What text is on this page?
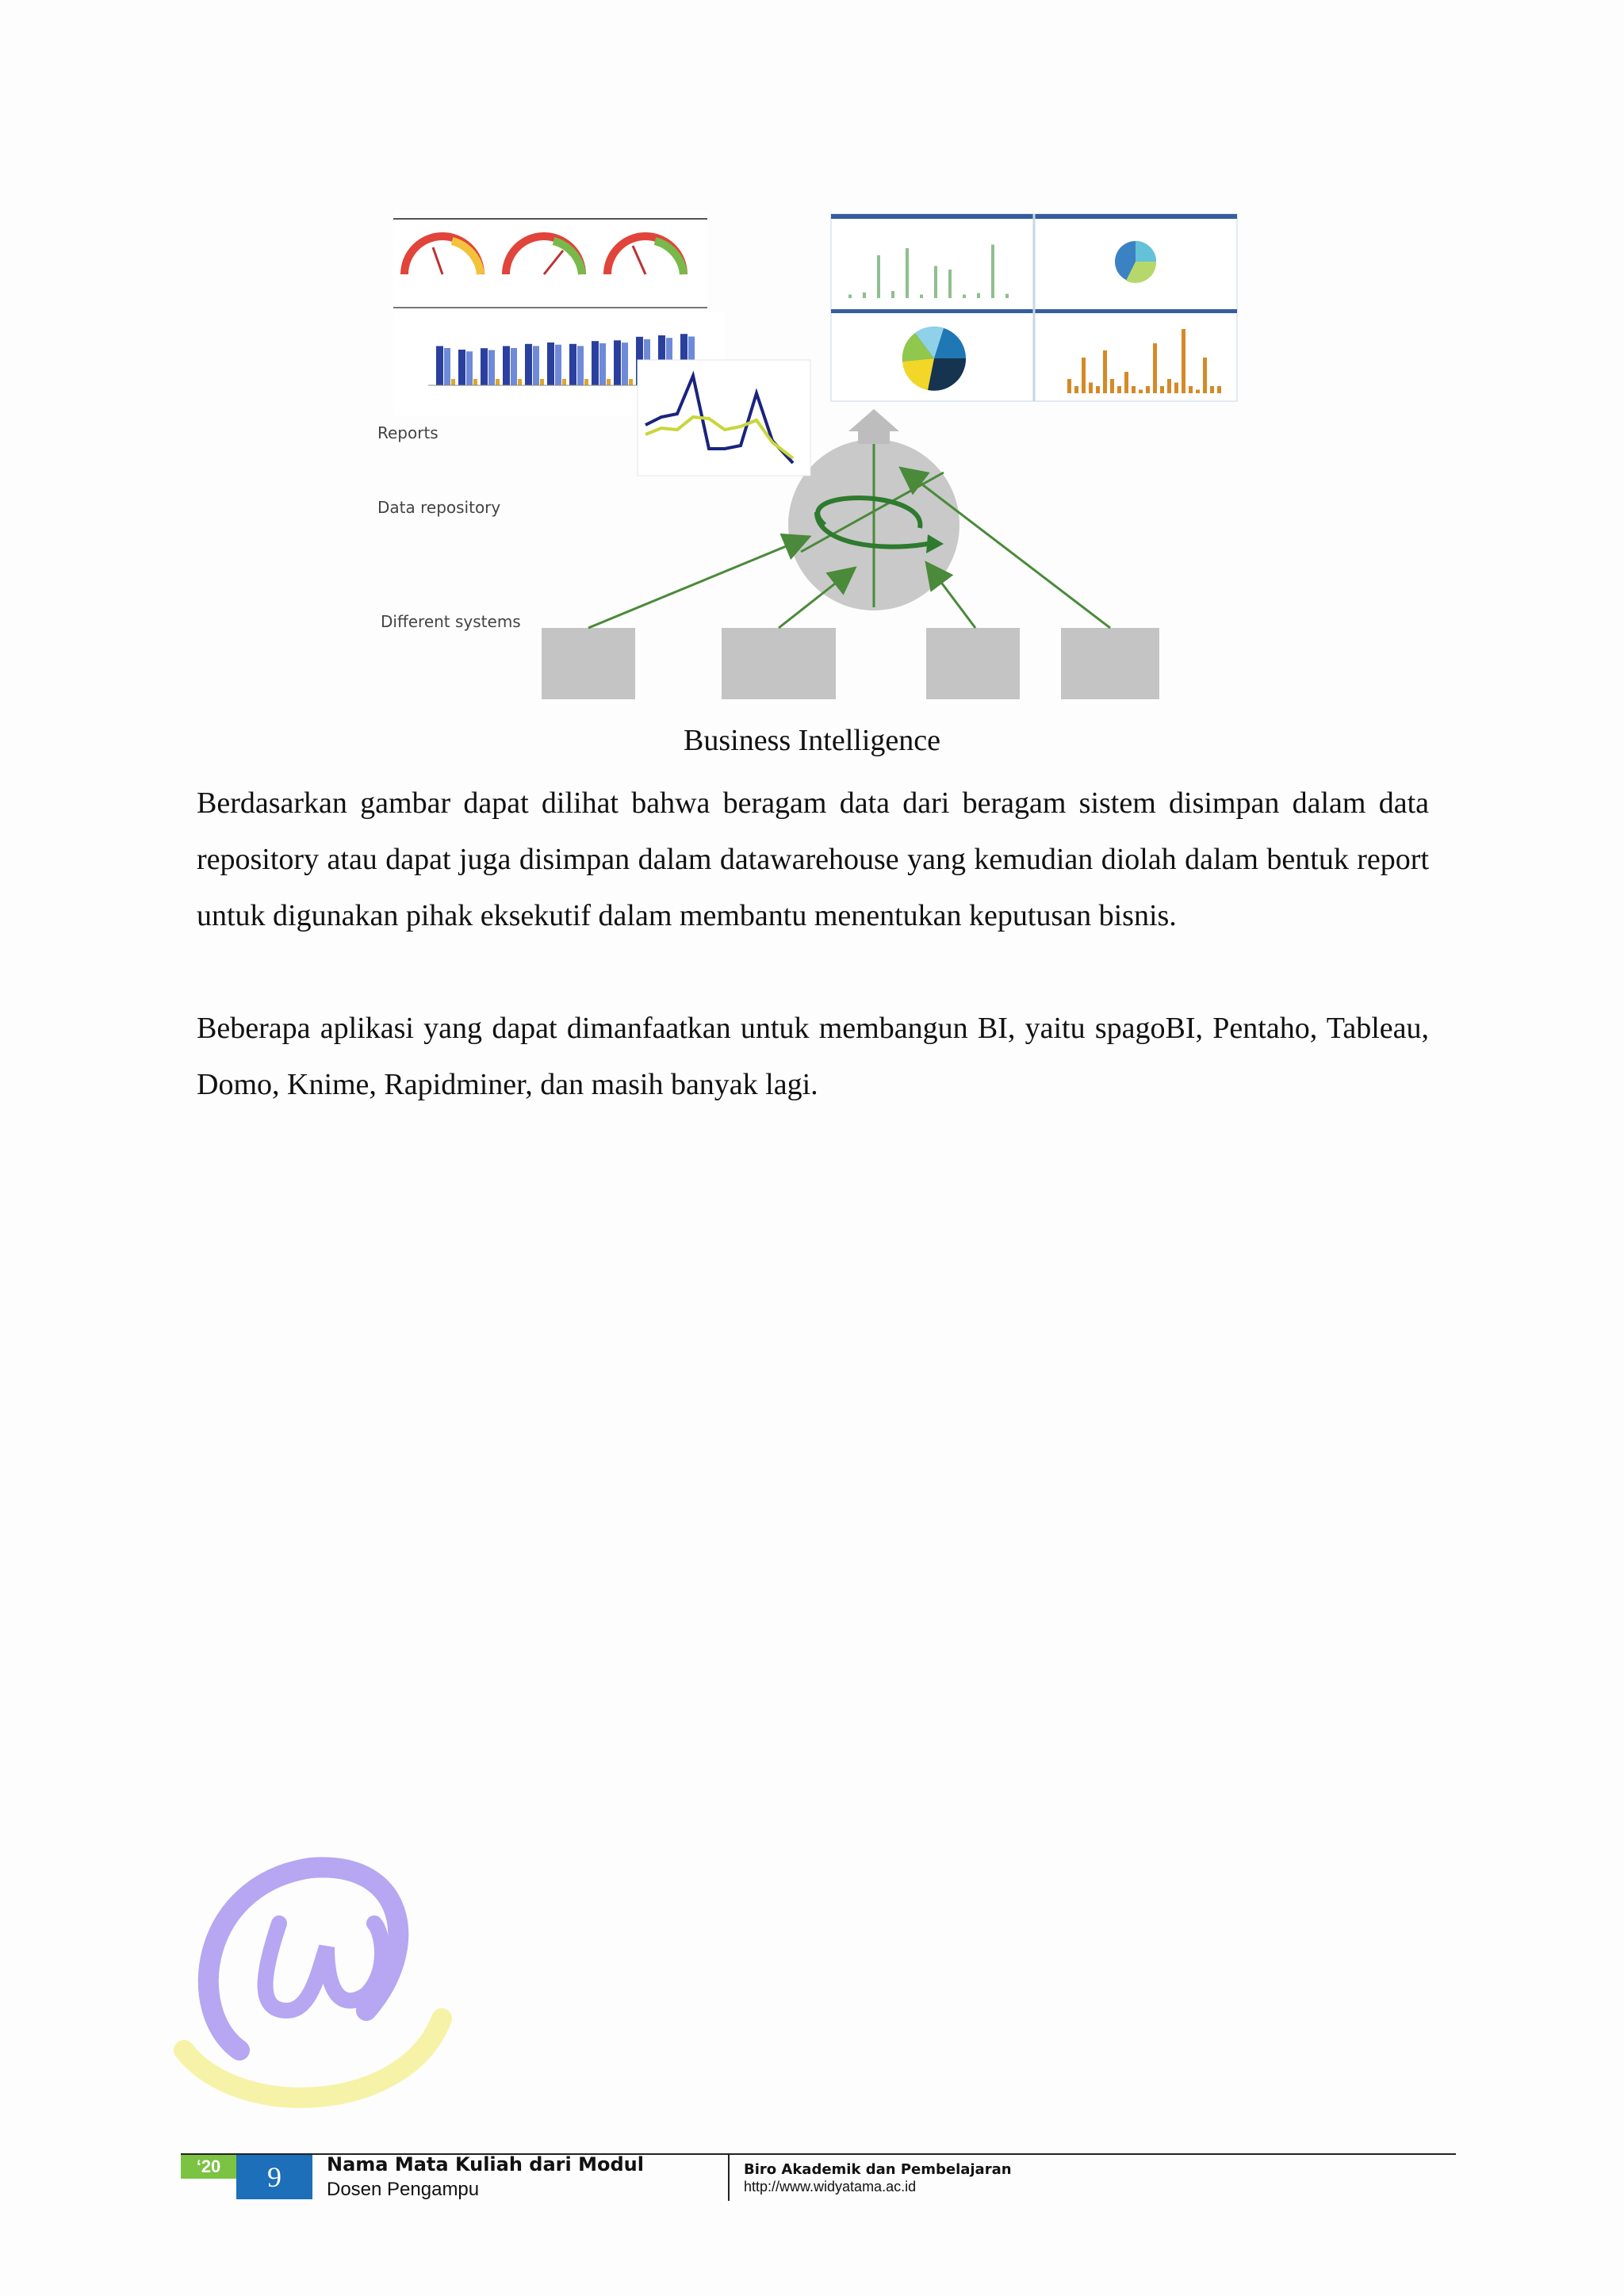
Reports
Data repository
Different systems
Business Intelligence
Berdasarkan gambar dapat dilihat bahwa beragam data dari beragam sistem disimpan dalam data repository atau dapat juga disimpan dalam datawarehouse yang kemudian diolah dalam bentuk report untuk digunakan pihak eksekutif dalam membantu menentukan keputusan bisnis.
Beberapa aplikasi yang dapat dimanfaatkan untuk membangun BI, yaitu spagoBI, Pentaho, Tableau, Domo, Knime, Rapidminer, dan masih banyak lagi.
‘20	9	Nama Mata Kuliah dari Modul
Dosen Pengampu
Biro Akademik dan Pembelajaran
http://www.widyatama.ac.id
